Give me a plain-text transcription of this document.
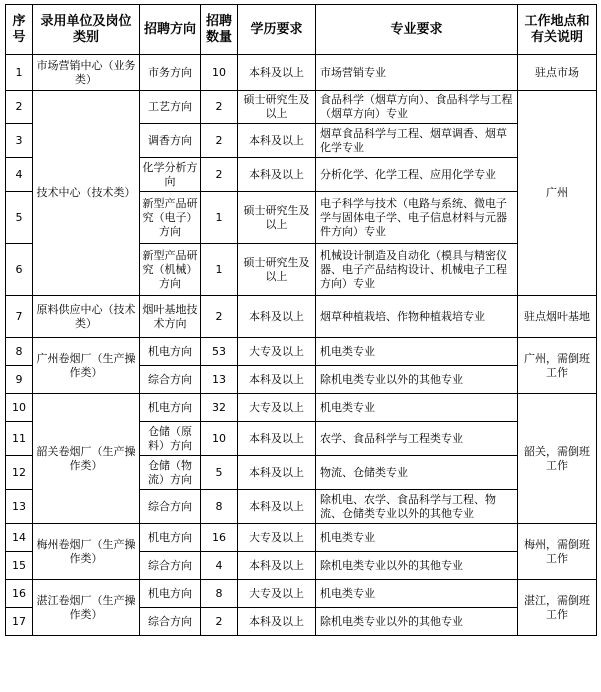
序号	录用单位及岗位类别	招聘方向	招聘数量	学历要求	专业要求	工作地点和有关说明
1	市场营销中心（业务类）	市务方向	10	本科及以上	市场营销专业	驻点市场
2	技术中心（技术类）	工艺方向	2	硕士研究生及以上	食品科学（烟草方向）、食品科学与工程（烟草方向）专业	广州
3		调香方向	2	本科及以上	烟草食品科学与工程、烟草调香、烟草化学专业	
4		化学分析方向	2	本科及以上	分析化学、化学工程、应用化学专业	
5		新型产品研究（电子）方向	1	硕士研究生及以上	电子科学与技术（电路与系统、微电子学与固体电子学、电子信息材料与元器件方向）专业	
6		新型产品研究（机械）方向	1	硕士研究生及以上	机械设计制造及自动化（模具与精密仪器、电子产品结构设计、机械电子工程方向）专业	
7	原料供应中心（技术类）	烟叶基地技术方向	2	本科及以上	烟草种植栽培、作物种植栽培专业	驻点烟叶基地
8	广州卷烟厂（生产操作类）	机电方向	53	大专及以上	机电类专业	广州，需倒班工作
9		综合方向	13	本科及以上	除机电类专业以外的其他专业	
10	韶关卷烟厂（生产操作类）	机电方向	32	大专及以上	机电类专业	韶关，需倒班工作
11		仓储（原料）方向	10	本科及以上	农学、食品科学与工程类专业	
12		仓储（物流）方向	5	本科及以上	物流、仓储类专业	
13		综合方向	8	本科及以上	除机电、农学、食品科学与工程、物流、仓储类专业以外的其他专业	
14	梅州卷烟厂（生产操作类）	机电方向	16	大专及以上	机电类专业	梅州，需倒班工作
15		综合方向	4	本科及以上	除机电类专业以外的其他专业	
16	湛江卷烟厂（生产操作类）	机电方向	8	大专及以上	机电类专业	湛江，需倒班工作
17		综合方向	2	本科及以上	除机电类专业以外的其他专业	
